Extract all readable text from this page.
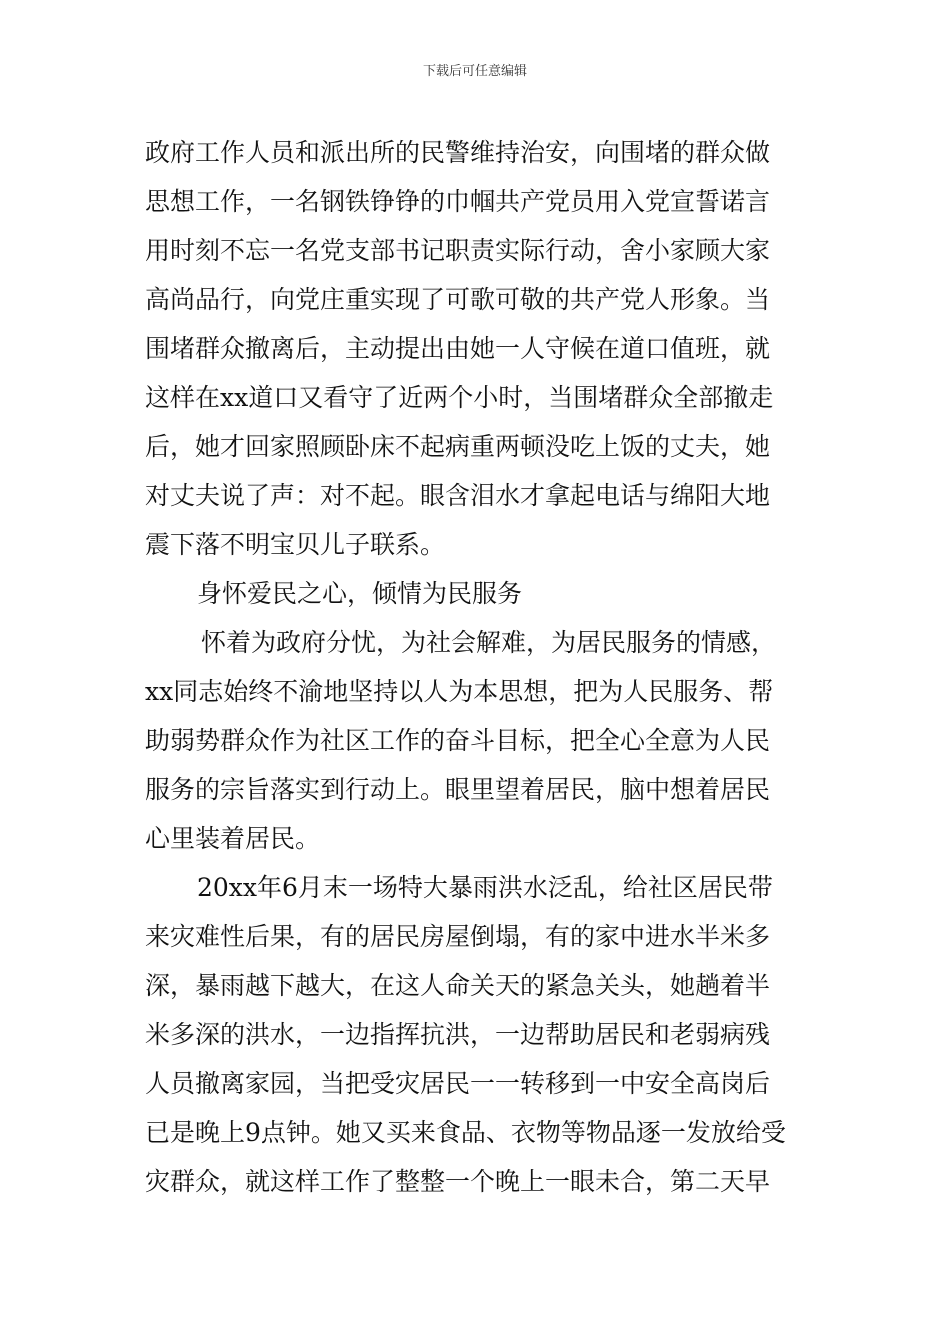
下载后可任意编辑
政府工作人员和派出所的民警维持治安，向围堵的群众做
思想工作，一名钢铁铮铮的巾帼共产党员用入党宣誓诺言
用时刻不忘一名党支部书记职责实际行动，舍小家顾大家
高尚品行，向党庄重实现了可歌可敬的共产党人形象。当
围堵群众撤离后，主动提出由她一人守候在道口值班，就
这样在xx道口又看守了近两个小时，当围堵群众全部撤走
后，她才回家照顾卧床不起病重两顿没吃上饭的丈夫，她
对丈夫说了声：对不起。眼含泪水才拿起电话与绵阳大地
震下落不明宝贝儿子联系。
身怀爱民之心，倾情为民服务
怀着为政府分忧，为社会解难，为居民服务的情感，
xx同志始终不渝地坚持以人为本思想，把为人民服务、帮
助弱势群众作为社区工作的奋斗目标，把全心全意为人民
服务的宗旨落实到行动上。眼里望着居民，脑中想着居民
心里装着居民。
20xx年6月末一场特大暴雨洪水泛乱，给社区居民带
来灾难性后果，有的居民房屋倒塌，有的家中进水半米多
深，暴雨越下越大，在这人命关天的紧急关头，她趟着半
米多深的洪水，一边指挥抗洪，一边帮助居民和老弱病残
人员撤离家园，当把受灾居民一一转移到一中安全高岗后
已是晚上9点钟。她又买来食品、衣物等物品逐一发放给受
灾群众，就这样工作了整整一个晚上一眼未合，第二天早
